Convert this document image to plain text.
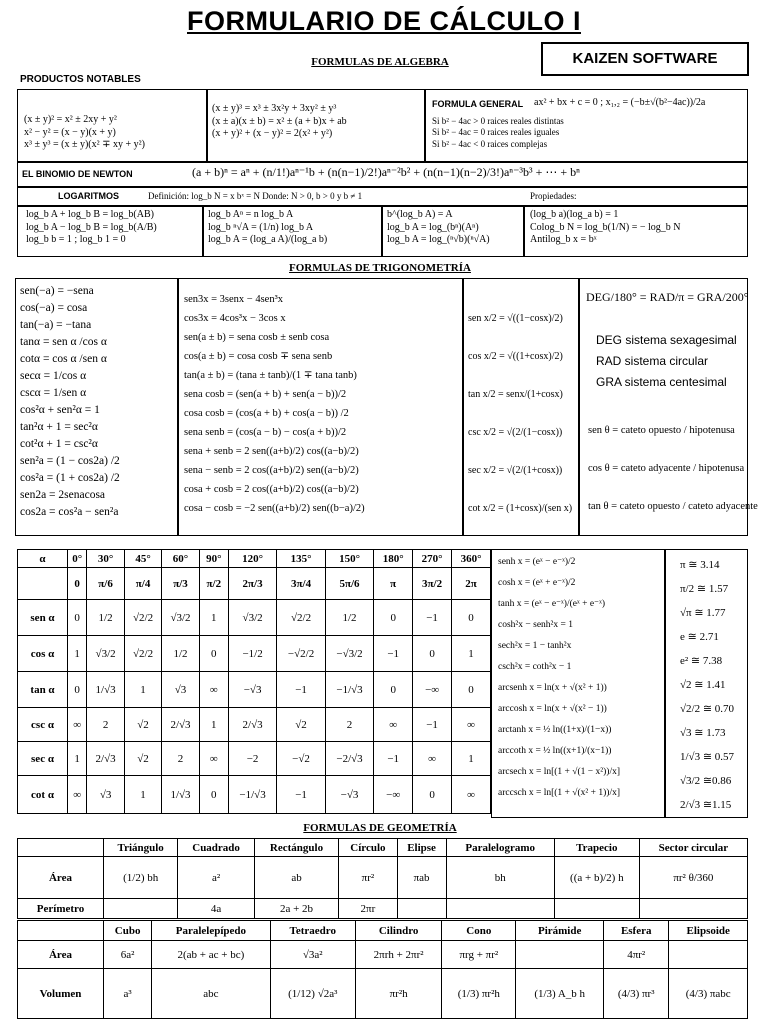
FORMULARIO DE CÁLCULO I
KAIZEN SOFTWARE
FORMULAS DE ALGEBRA
PRODUCTOS NOTABLES
(x ± y)² = x² ± 2xy + y²
x² − y² = (x − y)(x + y)
x³ ± y³ = (x ± y)(x² ∓ xy + y²)
(x ± y)³ = x³ ± 3x²y + 3xy² ± y³
(x ± a)(x ± b) = x² ± (a + b)x + ab
(x + y)² + (x − y)² = 2(x² + y²)
FORMULA GENERAL ax² + bx + c = 0 ; x₁,₂ = (−b±√(b²−4ac))/2a
Si b² − 4ac > 0 raices reales distintas
Si b² − 4ac = 0 raices reales iguales
Si b² − 4ac < 0 raices complejas
EL BINOMIO DE NEWTON	(a + b)ⁿ = aⁿ + (n/1!)aⁿ⁻¹b + (n(n−1)/2!)aⁿ⁻²b² + (n(n−1)(n−2)/3!)aⁿ⁻³b³ + ⋯ + bⁿ
LOGARITMOS	Definición: log_b N = x bˣ = N Donde: N > 0, b > 0 y b ≠ 1	Propiedades:
log_b A + log_b B = log_b(AB)
log_b A − log_b B = log_b(A/B)
log_b b = 1 ; log_b 1 = 0
log_b Aⁿ = n log_b A
log_b ⁿ√A = (1/n) log_b A
log_b A = (log_a A)/(log_a b)
b^(log_b A) = A
log_b A = log_(bⁿ)(Aⁿ)
log_b A = log_(ⁿ√b)(ⁿ√A)
(log_b a)(log_a b) = 1
Colog_b N = log_b(1/N) = − log_b N
Antilog_b x = bˣ
FORMULAS DE TRIGONOMETRÍA
sen(−a) = −sena
cos(−a) = cosa
tan(−a) = −tana
tanα = sen α /cos α
cotα = cos α /sen α
secα = 1/cos α
cscα = 1/sen α
cos²α + sen²α = 1
tan²α + 1 = sec²α
cot²α + 1 = csc²α
sen²a = (1 − cos2a) /2
cos²a = (1 + cos2a) /2
sen2a = 2senacosa
cos2a = cos²a − sen²a
sen3x = 3senx − 4sen³x
cos3x = 4cos³x − 3cos x
sen(a ± b) = sena cosb ± senb cosa
cos(a ± b) = cosa cosb ∓ sena senb
tan(a ± b) = (tana ± tanb)/(1 ∓ tana tanb)
sena cosb = (sen(a + b) + sen(a − b))/2
cosa cosb = (cos(a + b) + cos(a − b)) /2
sena senb = (cos(a − b) − cos(a + b))/2
sena + senb = 2 sen((a+b)/2) cos((a−b)/2)
sena − senb = 2 cos((a+b)/2) sen((a−b)/2)
cosa + cosb = 2 cos((a+b)/2) cos((a−b)/2)
cosa − cosb = −2 sen((a+b)/2) sen((b−a)/2)
sen x/2 = √((1−cosx)/2)
cos x/2 = √((1+cosx)/2)
tan x/2 = senx/(1+cosx)
csc x/2 = √(2/(1−cosx))
sec x/2 = √(2/(1+cosx))
cot x/2 = (1+cosx)/(sen x)
DEG/180° = RAD/π = GRA/200°
DEG sistema sexagesimal
RAD sistema circular
GRA sistema centesimal
sen θ = cateto opuesto / hipotenusa
cos θ = cateto adyacente / hipotenusa
tan θ = cateto opuesto / cateto adyacente
α	0°	30°	45°	60°	90°	120°	135°	150°	180°	270°	360°
	0	π/6	π/4	π/3	π/2	2π/3	3π/4	5π/6	π	3π/2	2π
sen α	0	1/2	√2/2	√3/2	1	√3/2	√2/2	1/2	0	−1	0
cos α	1	√3/2	√2/2	1/2	0	−1/2	−√2/2	−√3/2	−1	0	1
tan α	0	1/√3	1	√3	∞	−√3	−1	−1/√3	0	−∞	0
csc α	∞	2	√2	2/√3	1	2/√3	√2	2	∞	−1	∞
sec α	1	2/√3	√2	2	∞	−2	−√2	−2/√3	−1	∞	1
cot α	∞	√3	1	1/√3	0	−1/√3	−1	−√3	−∞	0	∞
senh x = (eˣ − e⁻ˣ)/2
cosh x = (eˣ + e⁻ˣ)/2
tanh x = (eˣ − e⁻ˣ)/(eˣ + e⁻ˣ)
cosh²x − senh²x = 1
sech²x = 1 − tanh²x
csch²x = coth²x − 1
arcsenh x = ln(x + √(x² + 1))
arccosh x = ln(x + √(x² − 1))
arctanh x = ½ ln((1+x)/(1−x))
arccoth x = ½ ln((x+1)/(x−1))
arcsech x = ln[(1 + √(1 − x²))/x]
arccsch x = ln[(1 + √(x² + 1))/x]
π ≅ 3.14
π/2 ≅ 1.57
√π ≅ 1.77
e ≅ 2.71
e² ≅ 7.38
√2 ≅ 1.41
√2/2 ≅ 0.70
√3 ≅ 1.73
1/√3 ≅ 0.57
√3/2 ≅0.86
2/√3 ≅1.15
FORMULAS DE GEOMETRÍA
	Triángulo	Cuadrado	Rectángulo	Círculo	Elipse	Paralelogramo	Trapecio	Sector circular
Área	(1/2) bh	a²	ab	πr²	πab	bh	((a + b)/2) h	πr² θ/360
Perímetro		4a	2a + 2b	2πr				
	Cubo	Paralelepípedo	Tetraedro	Cilindro	Cono	Pirámide	Esfera	Elipsoide
Área	6a²	2(ab + ac + bc)	√3a²	2πrh + 2πr²	πrg + πr²		4πr²	
Volumen	a³	abc	(1/12) √2a³	πr²h	(1/3) πr²h	(1/3) A_b h	(4/3) πr³	(4/3) πabc
